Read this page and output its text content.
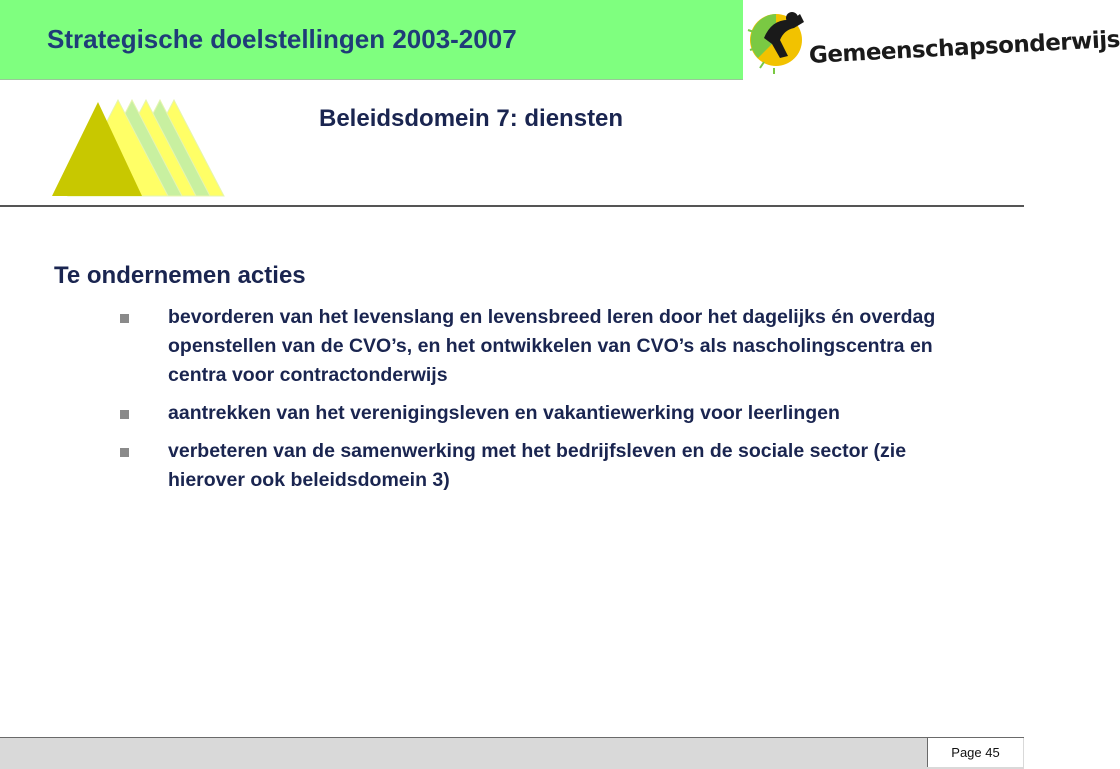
Strategische doelstellingen 2003-2007	Gemeenschapsonderwijs
Beleidsdomein 7: diensten
Te ondernemen acties
bevorderen van het levenslang en levensbreed leren door het dagelijks én overdag openstellen van de CVO’s, en het ontwikkelen van CVO’s als nascholingscentra en centra voor contractonderwijs
aantrekken van het verenigingsleven en vakantiewerking voor leerlingen
verbeteren van de samenwerking met het bedrijfsleven en de sociale sector (zie hierover ook beleidsdomein 3)
Page 45
